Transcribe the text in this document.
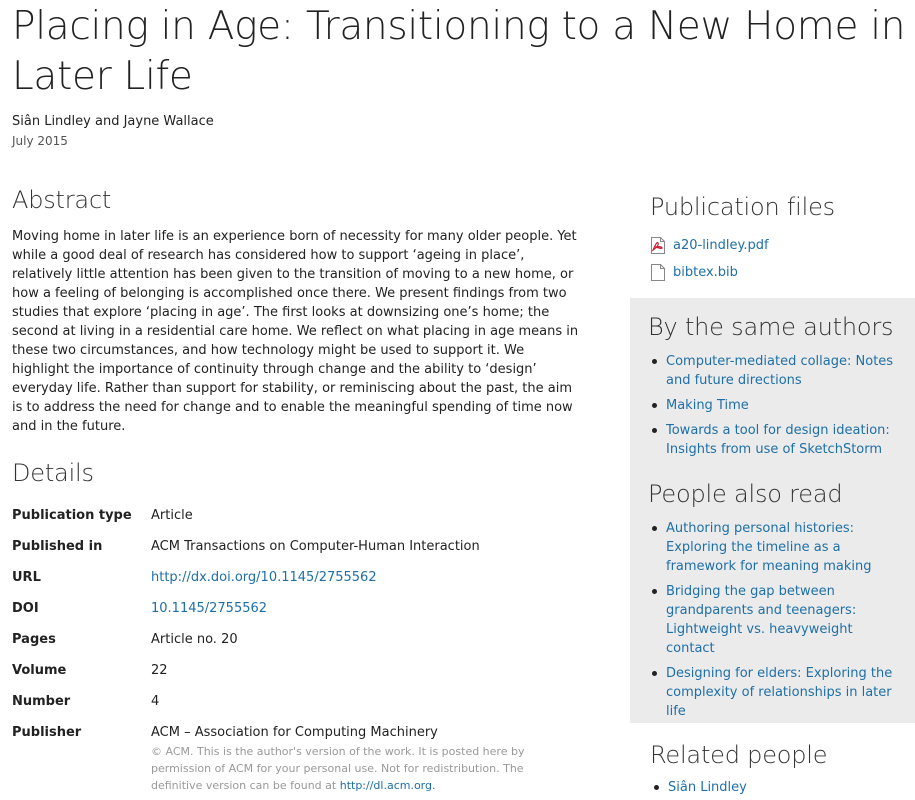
Placing in Age: Transitioning to a New Home in Later Life
Siân Lindley and Jayne Wallace
July 2015
Abstract

Moving home in later life is an experience born of necessity for many older people. Yet while a good deal of research has considered how to support ‘ageing in place’, relatively little attention has been given to the transition of moving to a new home, or how a feeling of belonging is accomplished once there. We present findings from two studies that explore ‘placing in age’. The first looks at downsizing one’s home; the second at living in a residential care home. We reflect on what placing in age means in these two circumstances, and how technology might be used to support it. We highlight the importance of continuity through change and the ability to ‘design’ everyday life. Rather than support for stability, or reminiscing about the past, the aim is to address the need for change and to enable the meaningful spending of time now and in the future.

Details
Publication type	Article
Published in	ACM Transactions on Computer-Human Interaction
URL	http://dx.doi.org/10.1145/2755562
DOI	10.1145/2755562
Pages	Article no. 20
Volume	22
Number	4
Publisher	ACM – Association for Computing Machinery
© ACM. This is the author's version of the work. It is posted here by permission of ACM for your personal use. Not for redistribution. The definitive version can be found at http://dl.acm.org.
Publication files
a20-lindley.pdf
bibtex.bib
By the same authors
Computer-mediated collage: Notes and future directions
Making Time
Towards a tool for design ideation: Insights from use of SketchStorm
People also read
Authoring personal histories: Exploring the timeline as a framework for meaning making
Bridging the gap between grandparents and teenagers: Lightweight vs. heavyweight contact
Designing for elders: Exploring the complexity of relationships in later life
Related people
Siân Lindley
